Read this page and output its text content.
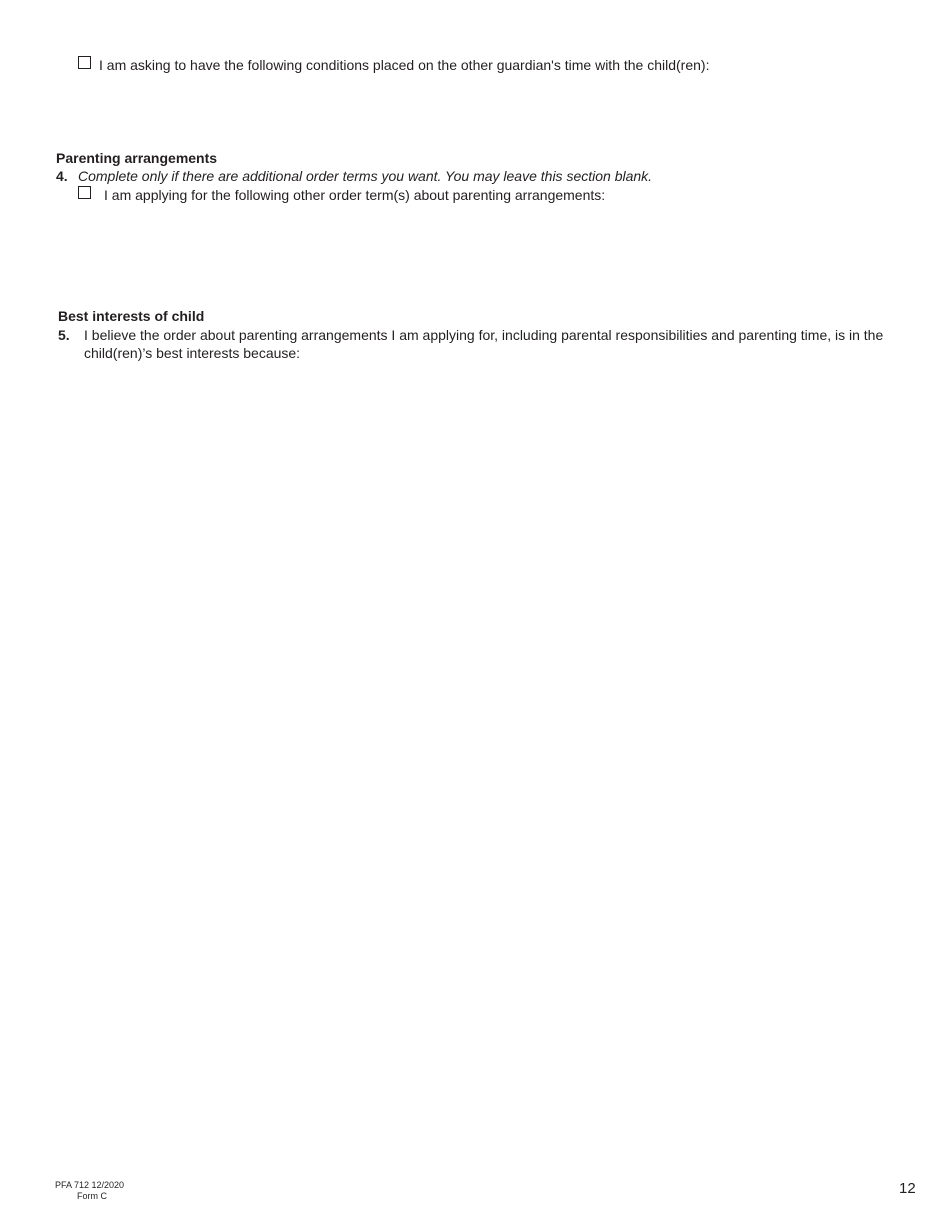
I am asking to have the following conditions placed on the other guardian's time with the child(ren):
Parenting arrangements
4. Complete only if there are additional order terms you want. You may leave this section blank.
I am applying for the following other order term(s) about parenting arrangements:
Best interests of child
5. I believe the order about parenting arrangements I am applying for, including parental responsibilities and parenting time, is in the
child(ren)’s best interests because:
PFA 712 12/2020
Form C	12
